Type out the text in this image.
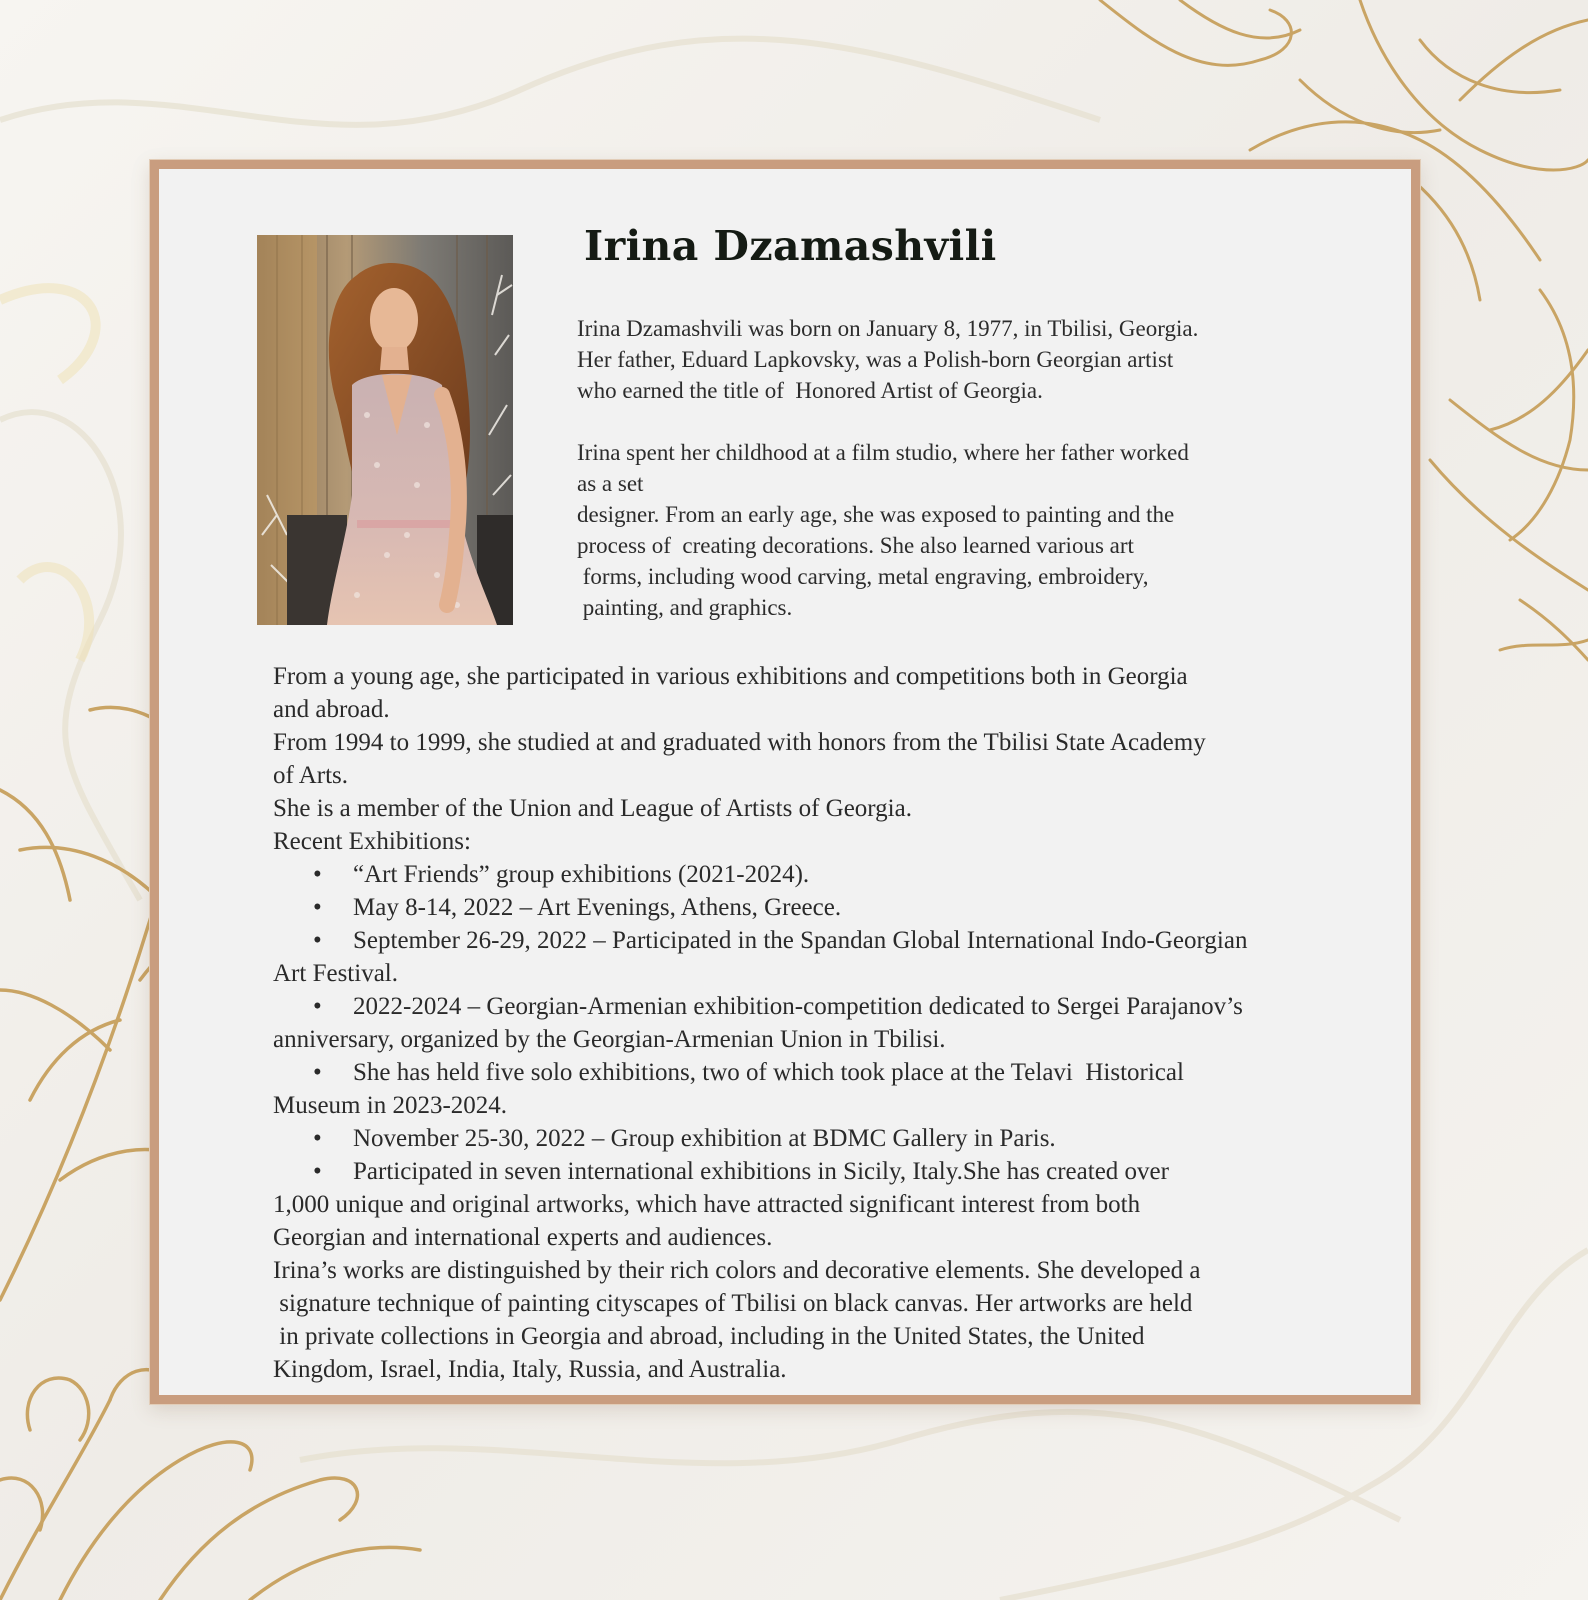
Irina Dzamashvili
Irina Dzamashvili was born on January 8, 1977, in Tbilisi, Georgia.
Her father, Eduard Lapkovsky, was a Polish-born Georgian artist
who earned the title of  Honored Artist of Georgia.
Irina spent her childhood at a film studio, where her father worked
as a set
designer. From an early age, she was exposed to painting and the
process of  creating decorations. She also learned various art
forms, including wood carving, metal engraving, embroidery,
painting, and graphics.
From a young age, she participated in various exhibitions and competitions both in Georgia
and abroad.
From 1994 to 1999, she studied at and graduated with honors from the Tbilisi State Academy
of Arts.
She is a member of the Union and League of Artists of Georgia.
Recent Exhibitions:
• “Art Friends” group exhibitions (2021-2024).
• May 8-14, 2022 – Art Evenings, Athens, Greece.
• September 26-29, 2022 – Participated in the Spandan Global International Indo-Georgian
Art Festival.
• 2022-2024 – Georgian-Armenian exhibition-competition dedicated to Sergei Parajanov’s
anniversary, organized by the Georgian-Armenian Union in Tbilisi.
• She has held five solo exhibitions, two of which took place at the Telavi  Historical
Museum in 2023-2024.
• November 25-30, 2022 – Group exhibition at BDMC Gallery in Paris.
• Participated in seven international exhibitions in Sicily, Italy.She has created over
1,000 unique and original artworks, which have attracted significant interest from both
Georgian and international experts and audiences.
Irina’s works are distinguished by their rich colors and decorative elements. She developed a
signature technique of painting cityscapes of Tbilisi on black canvas. Her artworks are held
in private collections in Georgia and abroad, including in the United States, the United
Kingdom, Israel, India, Italy, Russia, and Australia.
